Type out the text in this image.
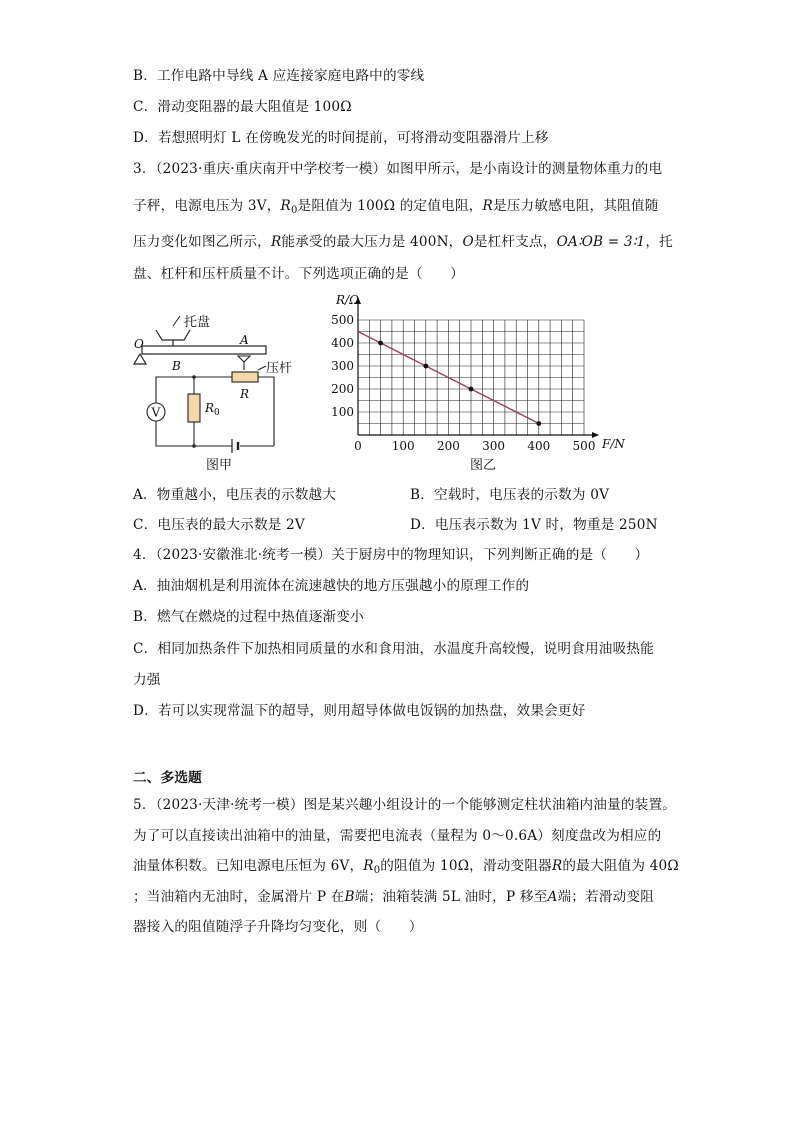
B．工作电路中导线 A 应连接家庭电路中的零线
C．滑动变阻器的最大阻值是 100Ω
D．若想照明灯 L 在傍晚发光的时间提前，可将滑动变阻器滑片上移
3．（2023·重庆·重庆南开中学校考一模）如图甲所示，是小南设计的测量物体重力的电
子秤，电源电压为 3V，$R_0$是阻值为 100Ω 的定值电阻，R是压力敏感电阻，其阻值随
压力变化如图乙所示，R能承受的最大压力是 400N，O是杠杆支点，OA∶OB = 3∶1，托
盘、杠杆和压杆质量不计。下列选项正确的是（　　）
托盘
O	A
B	压杆
R
$R_0$
V
图甲
0 100 200 300 400 500
100
200
300
400
500
R/Ω
F/N
图乙
A．物重越小，电压表的示数越大	B．空载时，电压表的示数为 0V
C．电压表的最大示数是 2V	D．电压表示数为 1V 时，物重是 250N
4．（2023·安徽淮北·统考一模）关于厨房中的物理知识，下列判断正确的是（　　）
A．抽油烟机是利用流体在流速越快的地方压强越小的原理工作的
B．燃气在燃烧的过程中热值逐渐变小
C．相同加热条件下加热相同质量的水和食用油，水温度升高较慢，说明食用油吸热能
力强
D．若可以实现常温下的超导，则用超导体做电饭锅的加热盘，效果会更好
二、多选题
5．（2023·天津·统考一模）图是某兴趣小组设计的一个能够测定柱状油箱内油量的装置。
为了可以直接读出油箱中的油量，需要把电流表（量程为 0～0.6A）刻度盘改为相应的
油量体积数。已知电源电压恒为 6V，$R_0$的阻值为 10Ω，滑动变阻器R的最大阻值为 40Ω
；当油箱内无油时，金属滑片 P 在B端；油箱装满 5L 油时，P 移至A端；若滑动变阻
器接入的阻值随浮子升降均匀变化，则（　　）
